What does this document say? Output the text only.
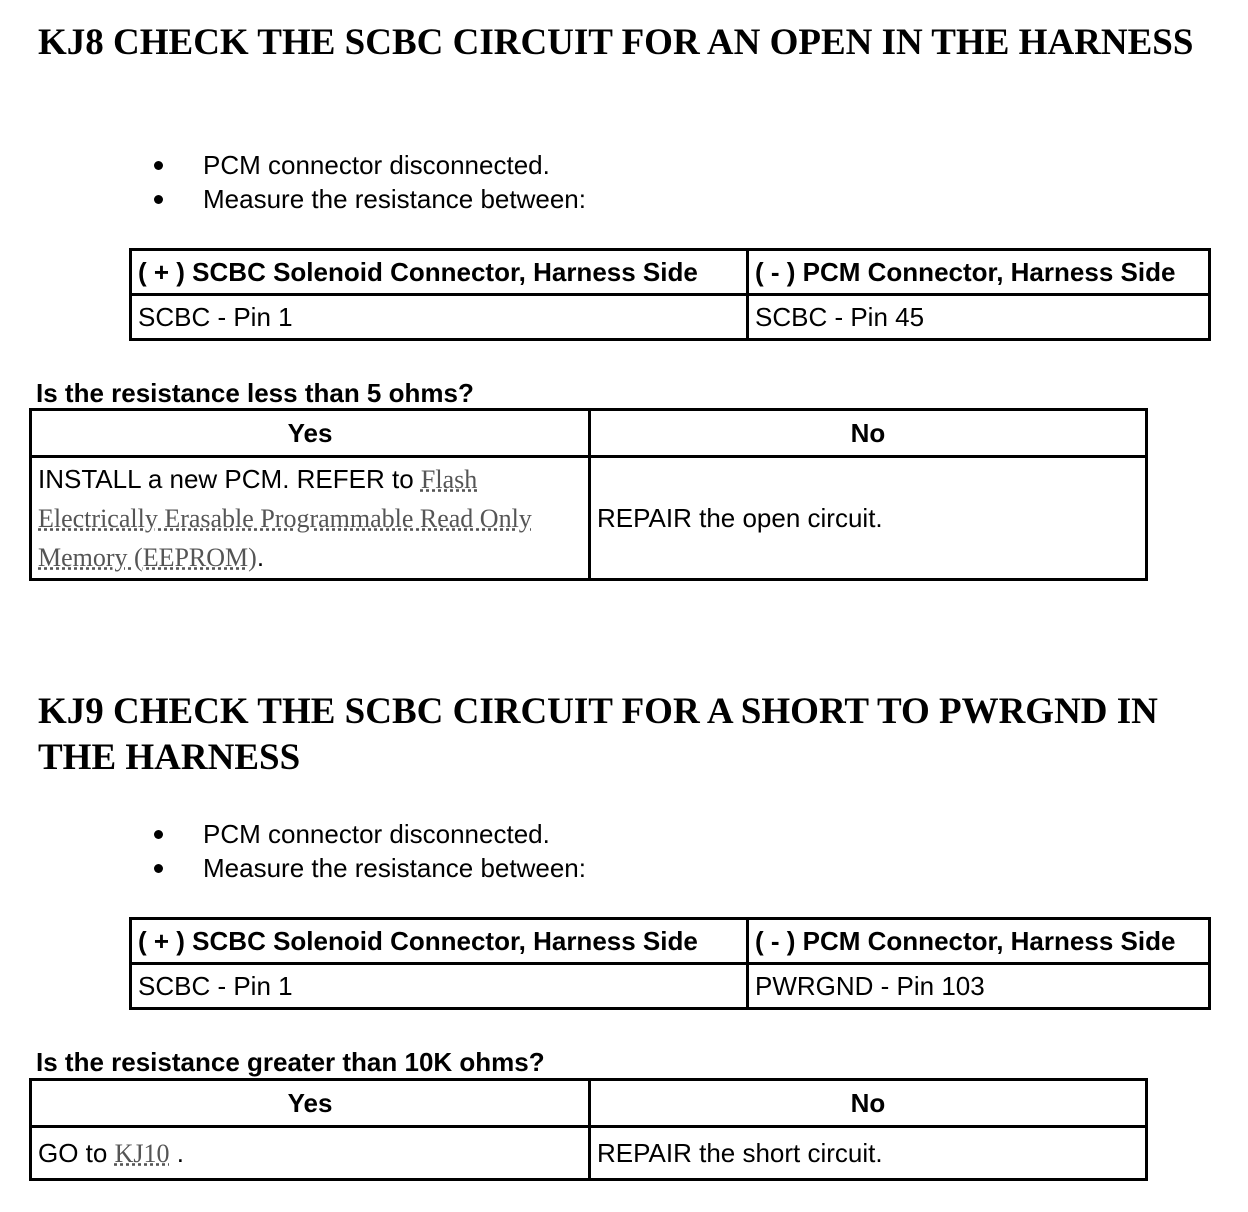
KJ8 CHECK THE SCBC CIRCUIT FOR AN OPEN IN THE HARNESS
PCM connector disconnected.
Measure the resistance between:
( + ) SCBC Solenoid Connector, Harness Side	( - ) PCM Connector, Harness Side
SCBC - Pin 1	SCBC - Pin 45

Is the resistance less than 5 ohms?

Yes	No
INSTALL a new PCM. REFER to Flash Electrically Erasable Programmable Read Only Memory (EEPROM).	REPAIR the open circuit.
KJ9 CHECK THE SCBC CIRCUIT FOR A SHORT TO PWRGND IN THE HARNESS
PCM connector disconnected.
Measure the resistance between:
( + ) SCBC Solenoid Connector, Harness Side	( - ) PCM Connector, Harness Side
SCBC - Pin 1	PWRGND - Pin 103

Is the resistance greater than 10K ohms?

Yes	No
GO to KJ10 .	REPAIR the short circuit.
